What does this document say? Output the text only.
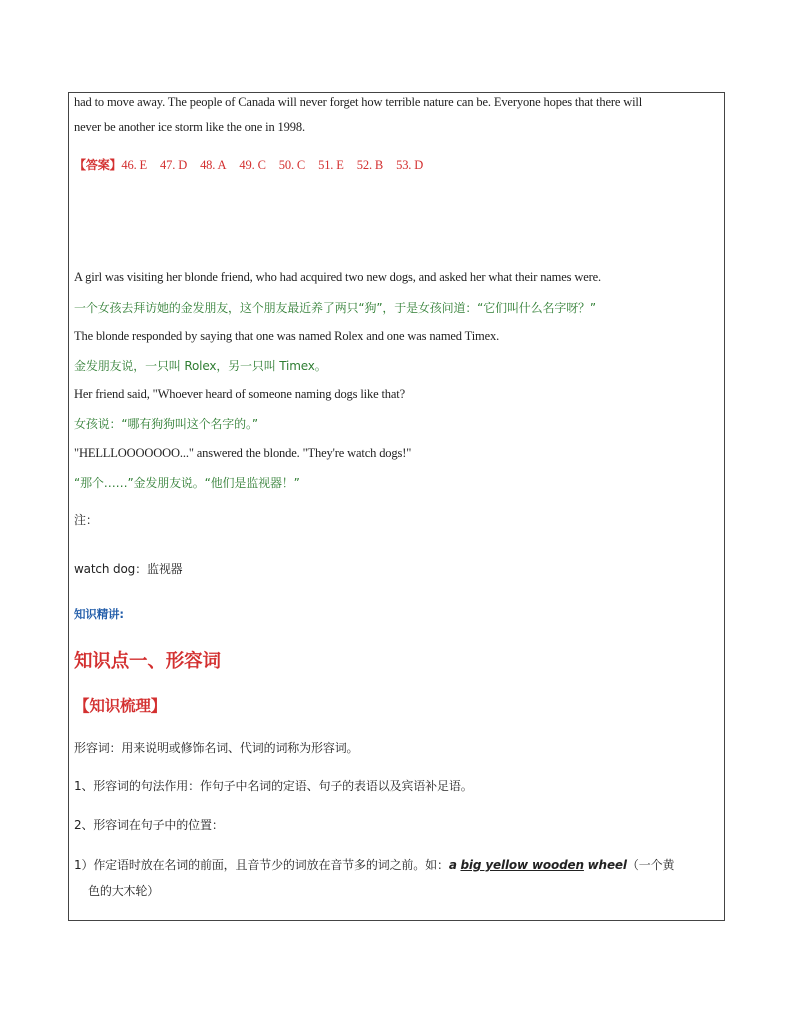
had to move away. The people of Canada will never forget how terrible nature can be. Everyone hopes that there will
never be another ice storm like the one in 1998.
【答案】46. E 47. D 48. A 49. C 50. C 51. E 52. B 53. D
A girl was visiting her blonde friend, who had acquired two new dogs, and asked her what their names were.
一个女孩去拜访她的金发朋友，这个朋友最近养了两只“狗”，于是女孩问道：“它们叫什么名字呀？”
The blonde responded by saying that one was named Rolex and one was named Timex.
金发朋友说，一只叫 Rolex，另一只叫 Timex。
Her friend said, "Whoever heard of someone naming dogs like that?
女孩说：“哪有狗狗叫这个名字的。”
"HELLLOOOOOOO..." answered the blonde. "They're watch dogs!"
“那个……”金发朋友说。“他们是监视器！”
注：
watch dog：监视器
知识精讲:
知识点一、形容词
【知识梳理】
形容词：用来说明或修饰名词、代词的词称为形容词。
1、形容词的句法作用：作句子中名词的定语、句子的表语以及宾语补足语。
2、形容词在句子中的位置：
1）作定语时放在名词的前面，且音节少的词放在音节多的词之前。如：a big yellow wooden wheel（一个黄
色的大木轮）
